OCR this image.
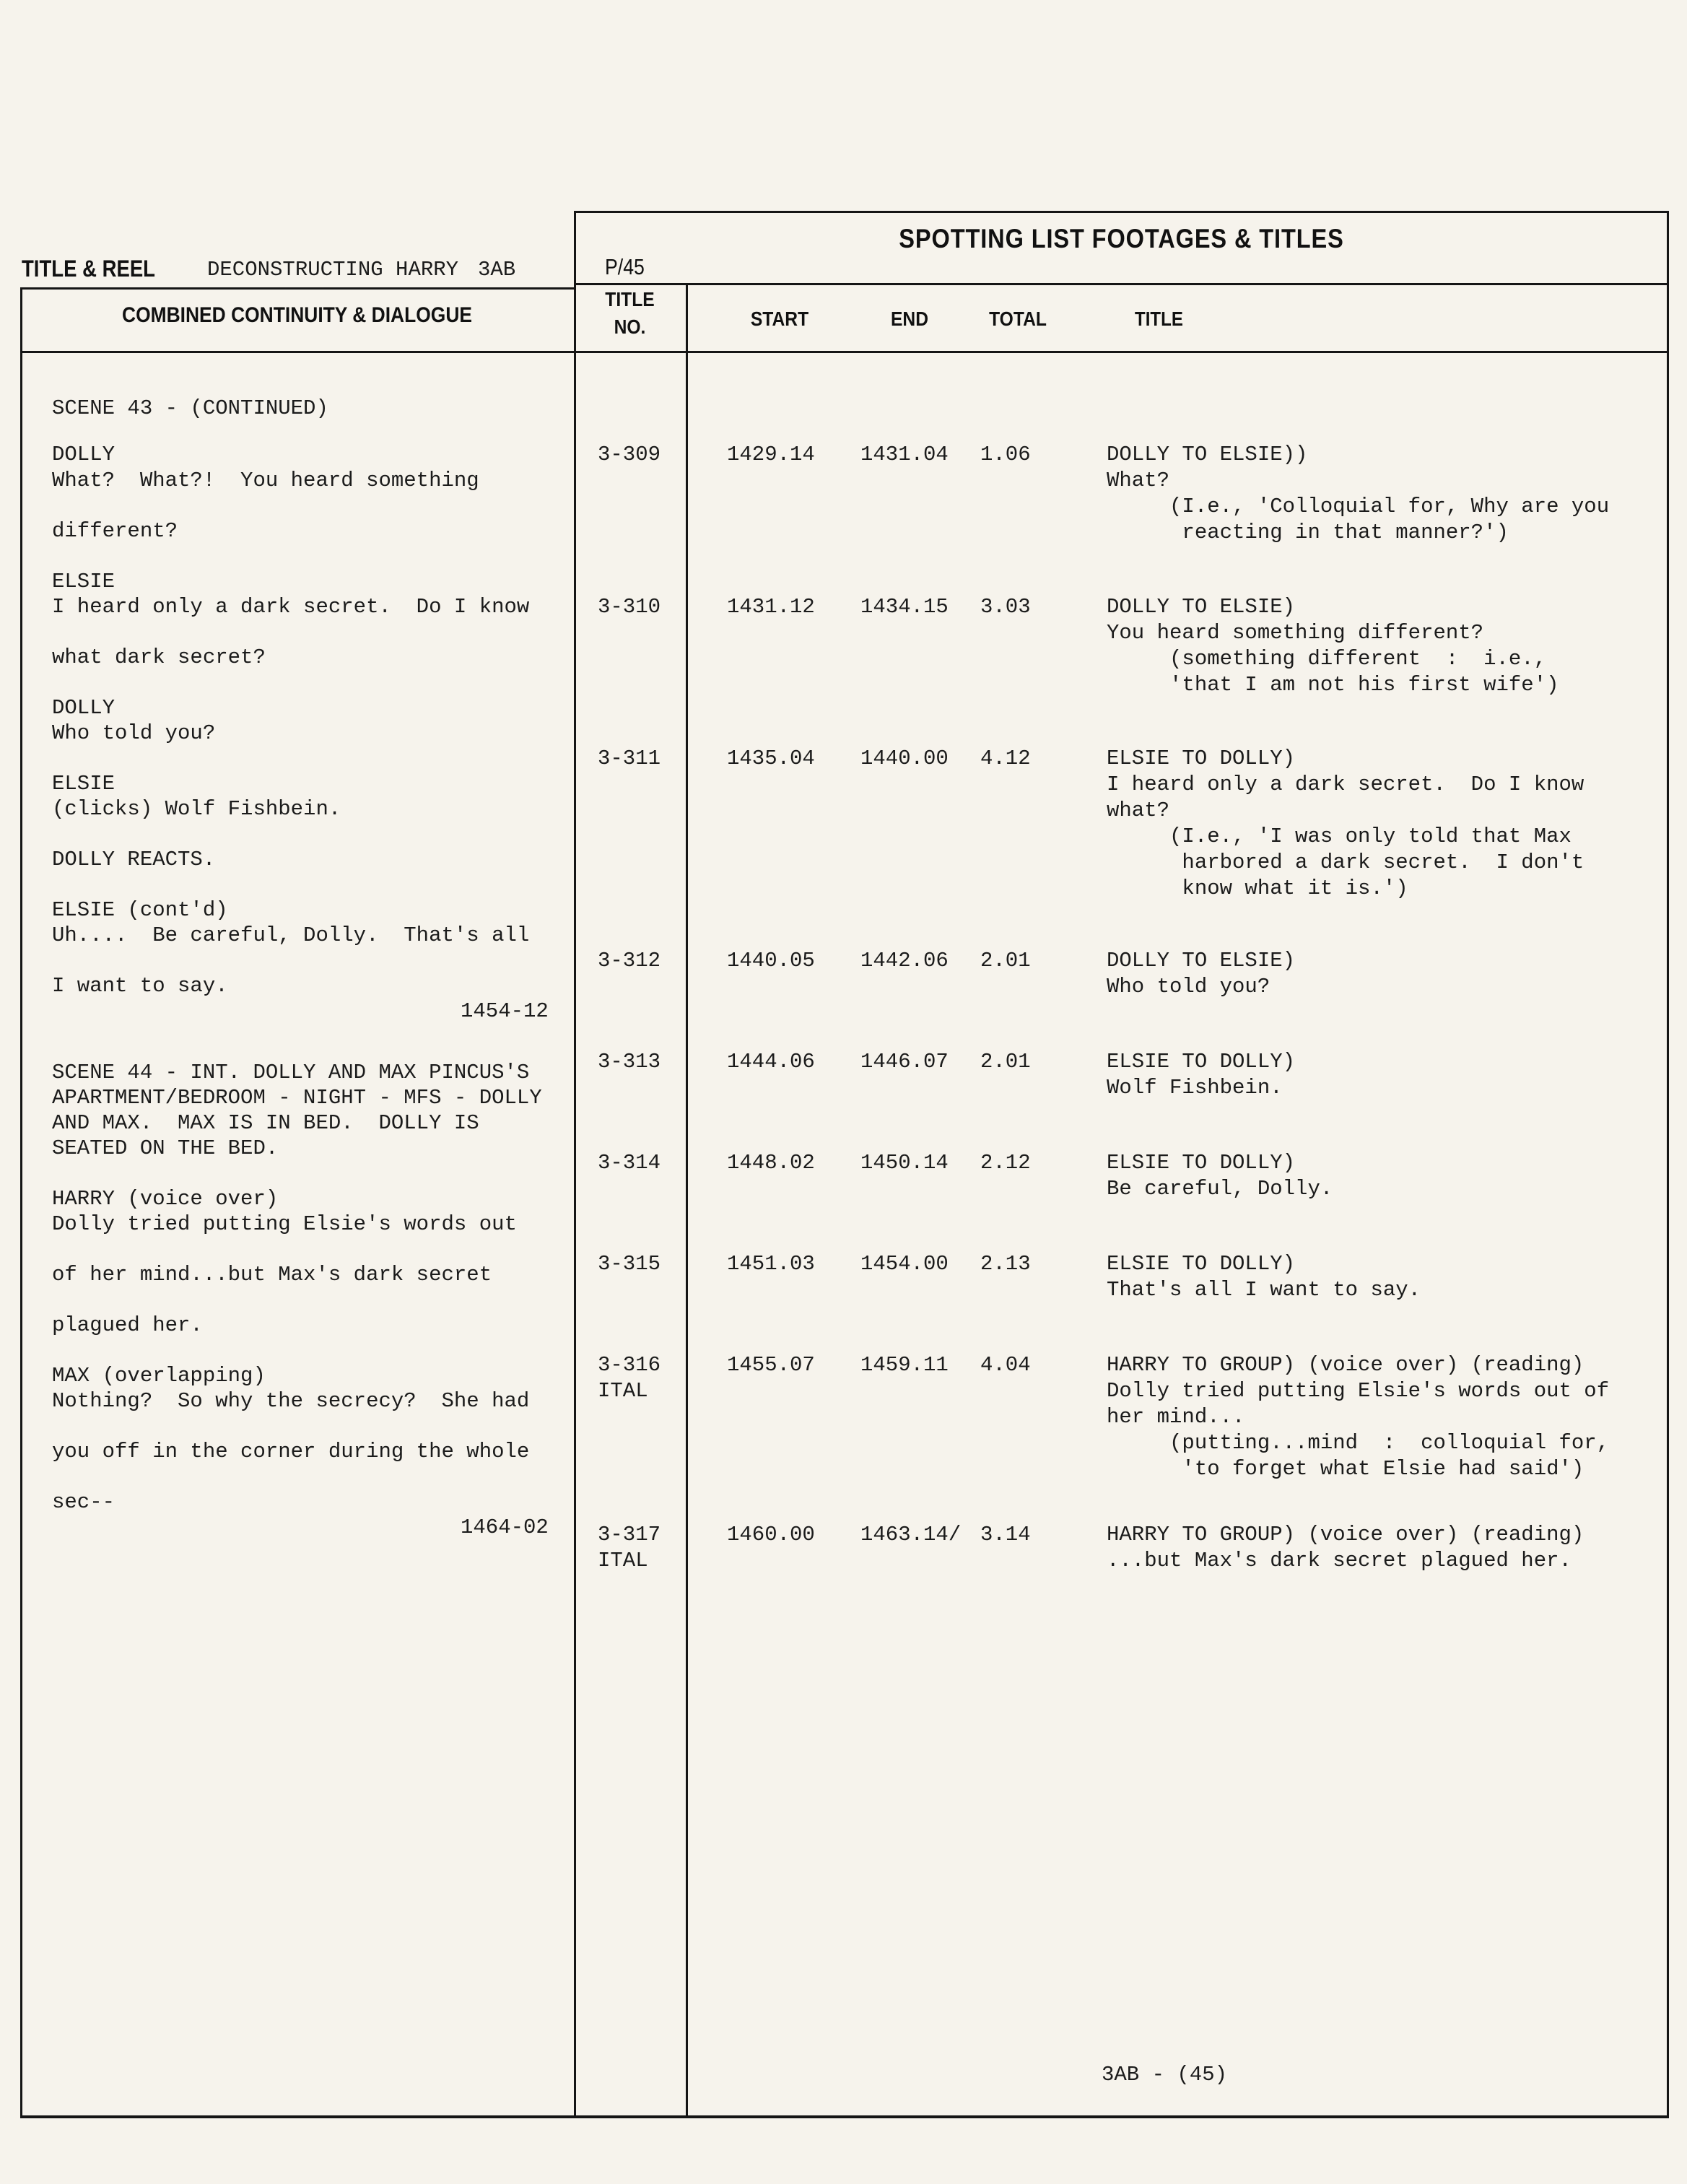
TITLE & REEL DECONSTRUCTING HARRY 3AB	P/45
SPOTTING LIST FOOTAGES & TITLES
COMBINED CONTINUITY & DIALOGUE
TITLE
NO.	START	END	TOTAL	TITLE
SCENE 43 - (CONTINUED)
DOLLY
What?  What?!  You heard something
different?
ELSIE
I heard only a dark secret.  Do I know
what dark secret?
DOLLY
Who told you?
ELSIE
(clicks) Wolf Fishbein.
DOLLY REACTS.
ELSIE (cont'd)
Uh....  Be careful, Dolly.  That's all
I want to say.
1454-12
SCENE 44 - INT. DOLLY AND MAX PINCUS'S
APARTMENT/BEDROOM - NIGHT - MFS - DOLLY
AND MAX.  MAX IS IN BED.  DOLLY IS
SEATED ON THE BED.
HARRY (voice over)
Dolly tried putting Elsie's words out
of her mind...but Max's dark secret
plagued her.
MAX (overlapping)
Nothing?  So why the secrecy?  She had
you off in the corner during the whole
sec--
1464-02
3-309	1429.14 1431.04 1.06	DOLLY TO ELSIE))
What?
(I.e., 'Colloquial for, Why are you
reacting in that manner?')
3-310	1431.12 1434.15 3.03	DOLLY TO ELSIE)
You heard something different?
(something different  :  i.e.,
'that I am not his first wife')
3-311	1435.04 1440.00 4.12	ELSIE TO DOLLY)
I heard only a dark secret.  Do I know
what?
(I.e., 'I was only told that Max
harbored a dark secret.  I don't
know what it is.')
3-312	1440.05 1442.06 2.01	DOLLY TO ELSIE)
Who told you?
3-313	1444.06 1446.07 2.01	ELSIE TO DOLLY)
Wolf Fishbein.
3-314	1448.02 1450.14 2.12	ELSIE TO DOLLY)
Be careful, Dolly.
3-315	1451.03 1454.00 2.13	ELSIE TO DOLLY)
That's all I want to say.
3-316
ITAL
1455.07 1459.11 4.04	HARRY TO GROUP) (voice over) (reading)
Dolly tried putting Elsie's words out of
her mind...
(putting...mind  :  colloquial for,
'to forget what Elsie had said')
3-317
ITAL
1460.00 1463.14/ 3.14	HARRY TO GROUP) (voice over) (reading)
...but Max's dark secret plagued her.
3AB - (45)
